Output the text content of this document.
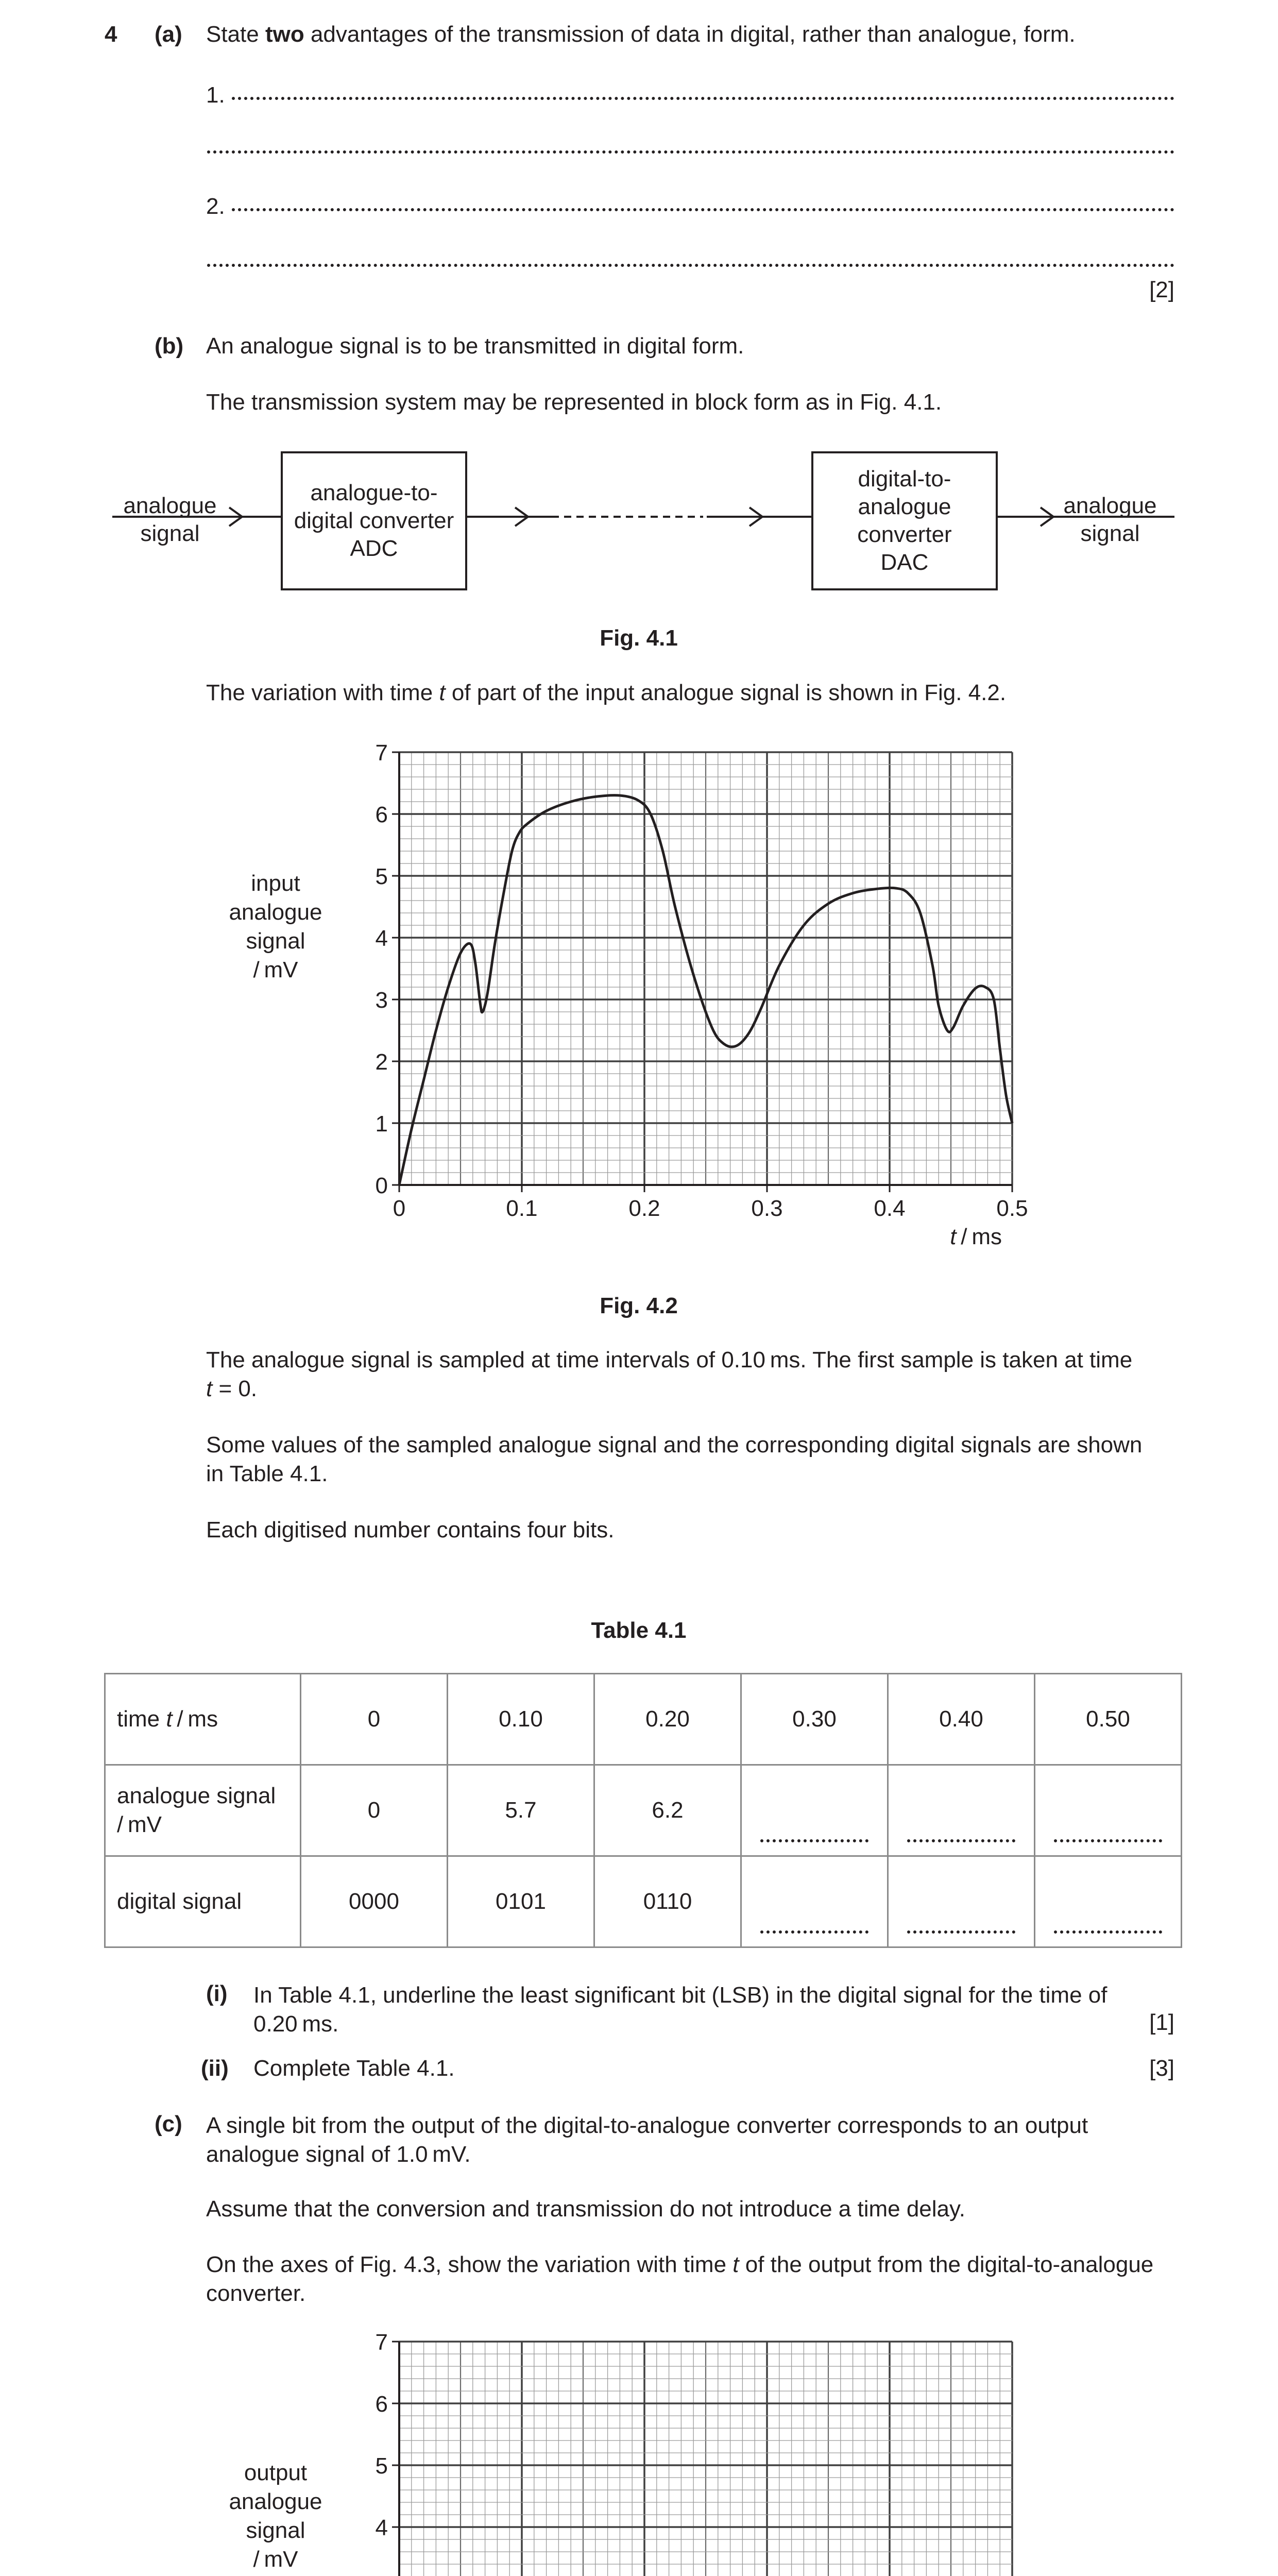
4 (a) State two advantages of the transmission of data in digital, rather than analogue, form.
1.
2.
[2]
(b) An analogue signal is to be transmitted in digital form.
The transmission system may be represented in block form as in Fig. 4.1.
analogue
signal
analogue-to-
digital converter
ADC
digital-to-
analogue
converter
DAC
analogue
signal
Fig. 4.1
The variation with time t of part of the input analogue signal is shown in Fig. 4.2.
0
1
2
3
4
5
6
7
0	0.1	0.2	0.3	0.4	0.5
t / ms
input
analogue
signal
/ mV
Fig. 4.2
The analogue signal is sampled at time intervals of 0.10 ms. The first sample is taken at time
t = 0.
Some values of the sampled analogue signal and the corresponding digital signals are shown
in Table 4.1.
Each digitised number contains four bits.
Table 4.1
time t / ms	0	0.10	0.20	0.30	0.40	0.50

analogue signal
/ mV	0	5.7	6.2			
digital signal	0000	0101	0110			
(i) In Table 4.1, underline the least significant bit (LSB) in the digital signal for the time of
0.20 ms.	[1]
(ii) Complete Table 4.1.	[3]
(c) A single bit from the output of the digital-to-analogue converter corresponds to an output
analogue signal of 1.0 mV.
Assume that the conversion and transmission do not introduce a time delay.
On the axes of Fig. 4.3, show the variation with time t of the output from the digital-to-analogue
converter.
4
5
6
7
output
analogue
signal
/ mV
